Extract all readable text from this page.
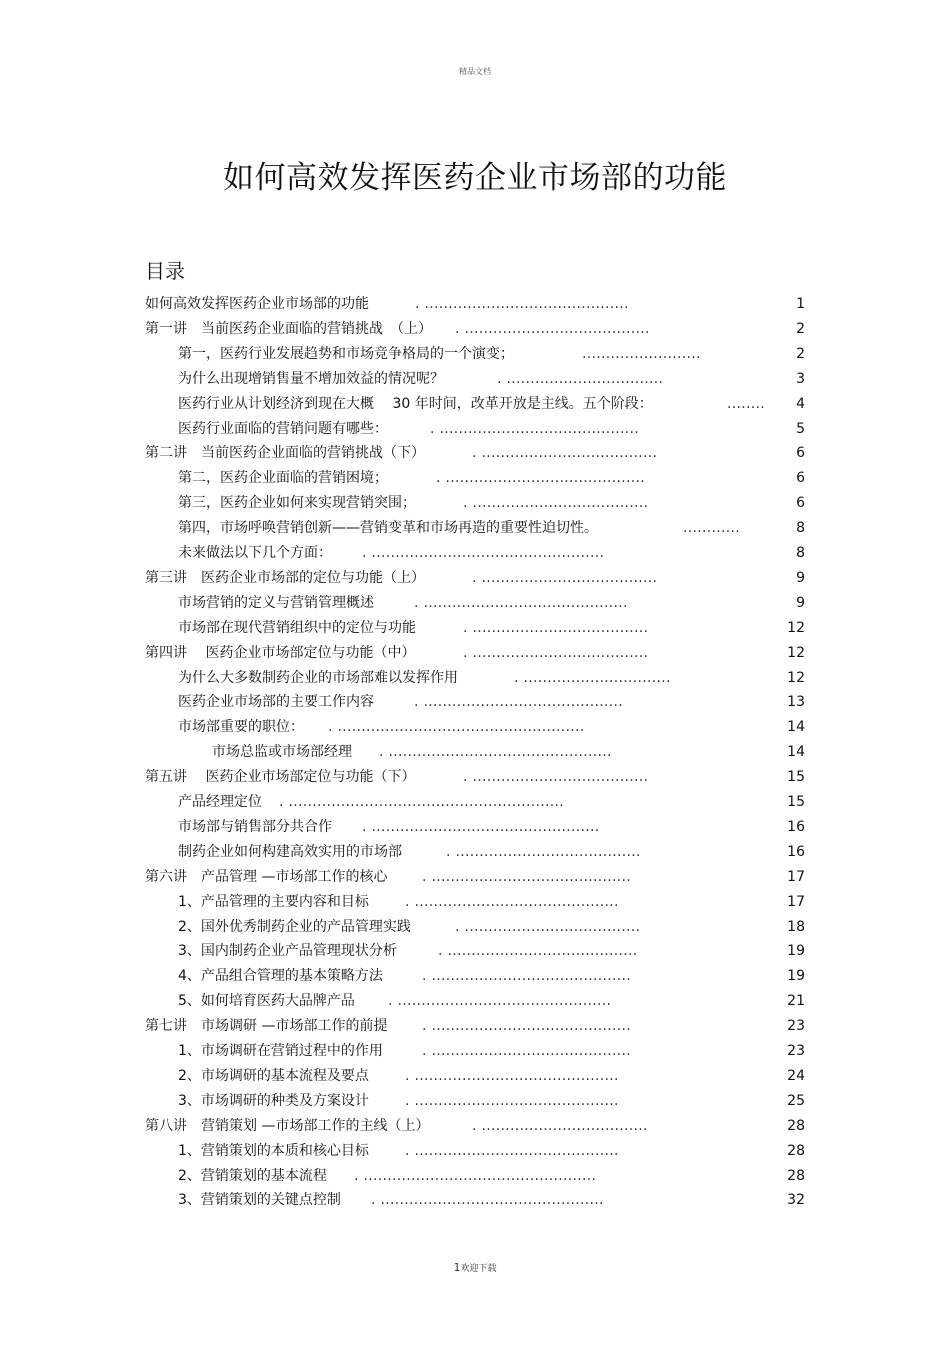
精品文档
如何高效发挥医药企业市场部的功能
目录
如何高效发挥医药企业市场部的功能	. ...........................................	1
第一讲　当前医药企业面临的营销挑战　（上） . .......................................	2
第一，医药行业发展趋势和市场竞争格局的一个演变；	.........................	2
为什么出现增销售量不增加效益的情况呢？	. .................................	3
医药行业从计划经济到现在大概　 30 年时间，改革开放是主线。五个阶段：	........ 4
医药行业面临的营销问题有哪些：	. ..........................................	5
第二讲　当前医药企业面临的营销挑战（下）	. .....................................	6
第二，医药企业面临的营销困境；	. ..........................................	6
第三，医药企业如何来实现营销突围；	. .....................................	6
第四，市场呼唤营销创新——营销变革和市场再造的重要性迫切性。	............	8
未来做法以下几个方面： . .................................................	8
第三讲　医药企业市场部的定位与功能（上）	. .....................................	9
市场营销的定义与营销管理概述	. ...........................................	9
市场部在现代营销组织中的定位与功能	. .....................................	12
第四讲　 医药企业市场部定位与功能（中）	. .....................................	12
为什么大多数制药企业的市场部难以发挥作用	. ...............................	12
医药企业市场部的主要工作内容	. ..........................................	13
市场部重要的职位： . ....................................................	14
市场总监或市场部经理 . ...............................................	14
第五讲　 医药企业市场部定位与功能（下）	. .....................................	15
产品经理定位 . ..........................................................	15
市场部与销售部分共合作 . ................................................	16
制药企业如何构建高效实用的市场部	. .......................................	16
第六讲　产品管理 —市场部工作的核心 . ..........................................	17
1、产品管理的主要内容和目标	. ...........................................	17
2、国外优秀制药企业的产品管理实践	. .....................................	18
3、国内制药企业产品管理现状分析	. ........................................	19
4、产品组合管理的基本策略方法	. ..........................................	19
5、如何培育医药大品牌产品 . .............................................	21
第七讲　市场调研 —市场部工作的前提 . ..........................................	23
1、市场调研在营销过程中的作用	. ..........................................	23
2、市场调研的基本流程及要点	. ...........................................	24
3、市场调研的种类及方案设计	. ...........................................	25
第八讲　营销策划 —市场部工作的主线（上）	. ...................................	28
1、营销策划的本质和核心目标	. ...........................................	28
2、营销策划的基本流程 . .................................................	28
3、营销策划的关键点控制 . ...............................................	32
1欢迎下载
